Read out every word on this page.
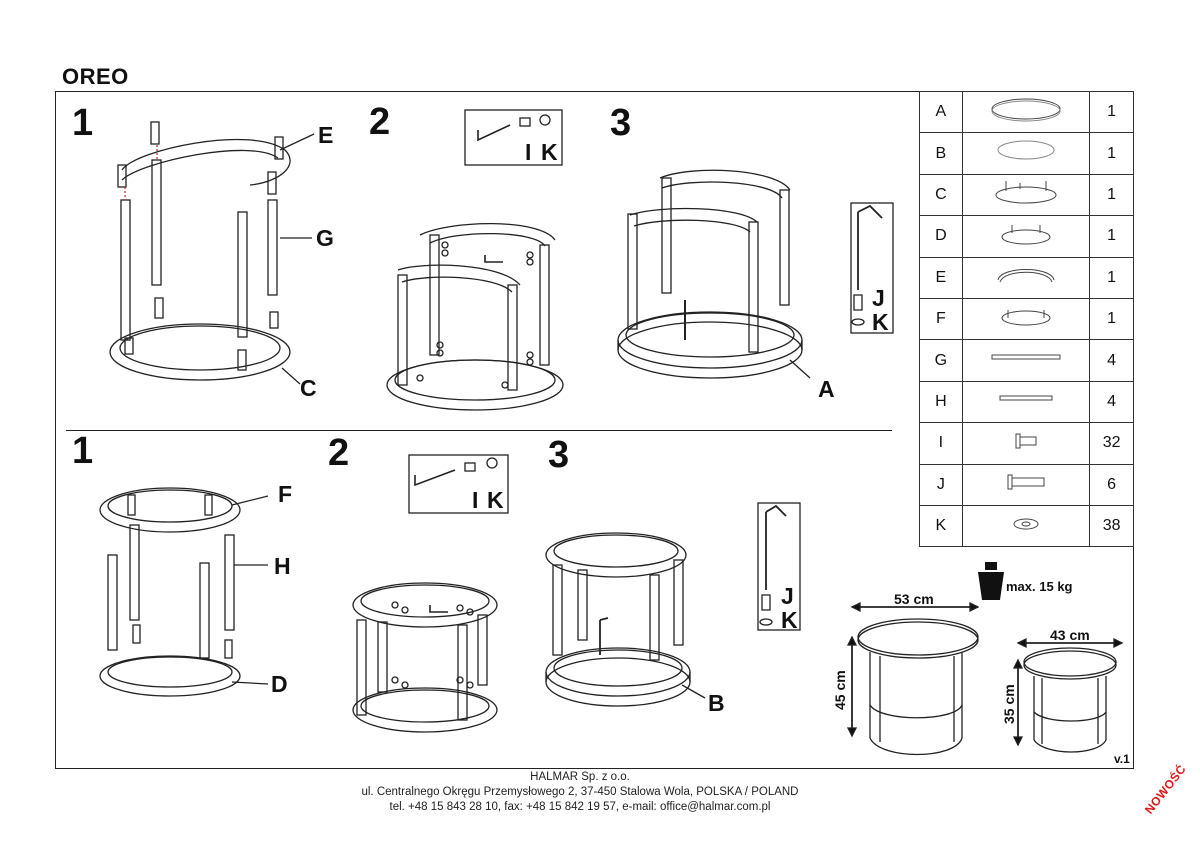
OREO
1	2	3
1	2	3
E
G
C	A
I K
J
K
F
H
D
B
I K
J
K
A		1
B		1
C		1
D		1
E		1
F		1
G		4
H		4
I		32
J		6
K		38
53 cm
45 cm
43 cm
35 cm
max. 15 kg
v.1
HALMAR Sp. z o.o.
ul. Centralnego Okręgu Przemysłowego 2, 37-450 Stalowa Wola, POLSKA / POLAND
tel. +48 15 843 28 10, fax: +48 15 842 19 57, e-mail: office@halmar.com.pl	NOWOŚĆ
